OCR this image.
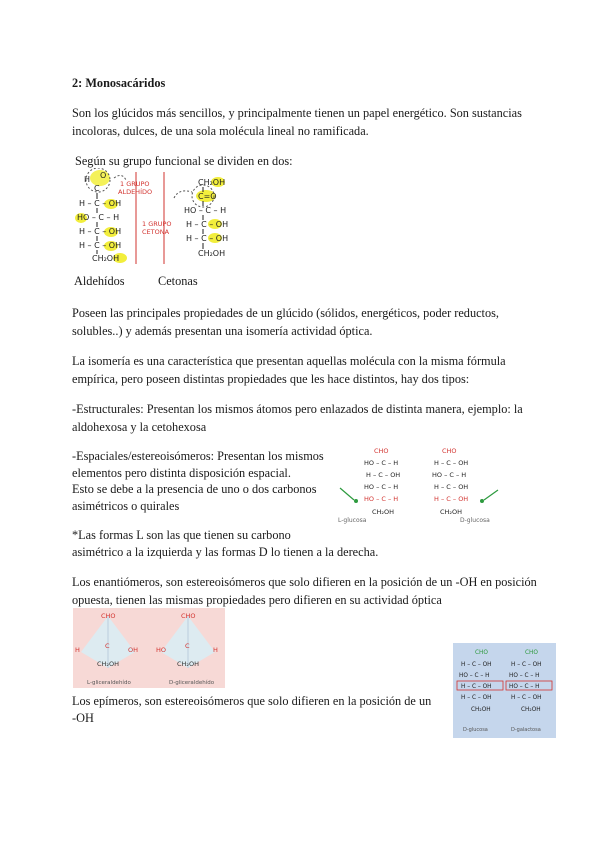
2: Monosacáridos
Son los glúcidos más sencillos, y principalmente tienen un papel energético. Son sustancias incoloras, dulces, de una sola molécula lineal no ramificada.
Según su grupo funcional se dividen en dos:
H O
C
H – C – OH
HO – C – H
H – C – OH
H – C – OH
CH₂OH
1 GRUPO
ALDEHÍDO
1 GRUPO
CETONA
CH₂OH
C=O
HO – C – H
H – C – OH
H – C – OH
CH₂OH
Aldehídos	Cetonas
Poseen las principales propiedades de un glúcido (sólidos, energéticos, poder reductos, solubles..) y además presentan una isomería actividad óptica.
La isomería es una característica que presentan aquellas molécula con la misma fórmula empírica, pero poseen distintas propiedades que les hace distintos, hay dos tipos:
-Estructurales: Presentan los mismos átomos pero enlazados de distinta manera, ejemplo: la aldohexosa y la cetohexosa
-Espaciales/estereoisómeros: Presentan los mismos
elementos pero distinta disposición espacial.
Esto se debe a la presencia de uno o dos carbonos
asimétricos o quirales
CHO
HO – C – H
H – C – OH
HO – C – H
HO – C – H
CH₂OH
CHO
H – C – OH
HO – C – H
H – C – OH
H – C – OH
CH₂OH
L-glucosa	D-glucosa
*Las formas L son las que tienen su carbono
asimétrico a la izquierda y las formas D lo tienen a la derecha.
Los enantiómeros, son estereoisómeros que solo difieren en la posición de un -OH en posición opuesta, tienen las mismas propiedades pero difieren en su actividad óptica
CHO
H	C	OH
CH₂OH
CHO
HO	C	H
CH₂OH
L-gliceraldehído	D-gliceraldehído
Los epímeros, son estereoisómeros que solo difieren en la posición de un
-OH
CHO
H – C – OH
HO – C – H
H – C – OH
H – C – OH
CH₂OH
CHO
H – C – OH
HO – C – H
HO – C – H
H – C – OH
CH₂OH
D-glucosa	D-galactosa
